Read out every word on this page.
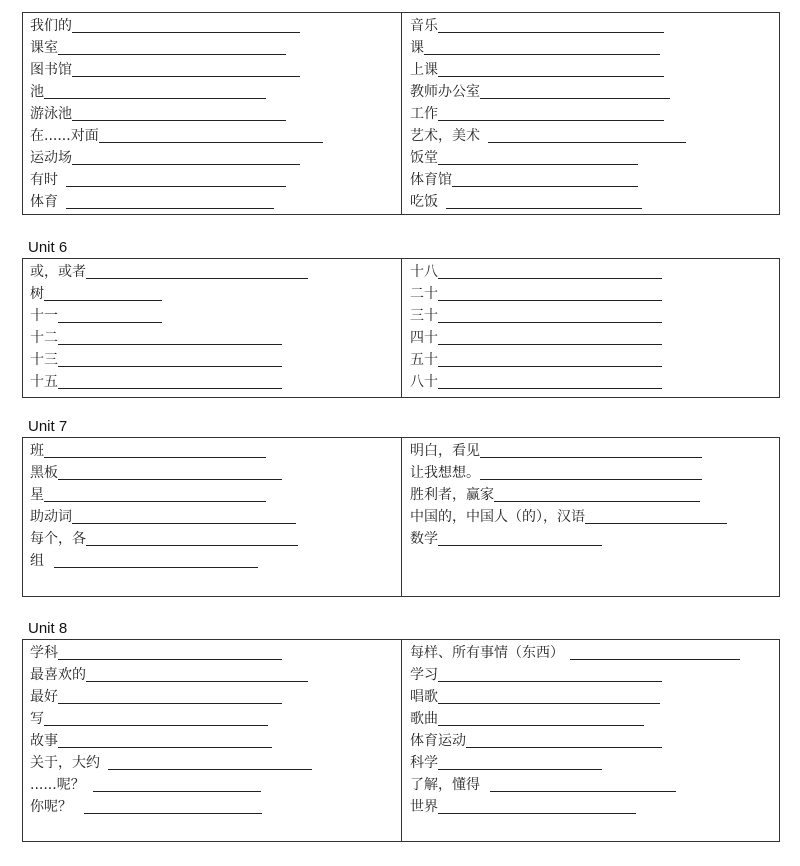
我们的
课室
图书馆
池
游泳池
在......对面
运动场
有时
体育
音乐
课
上课
教师办公室
工作
艺术，美术
饭堂
体育馆
吃饭
Unit 6
或，或者
树
十一
十二
十三
十五
十八
二十
三十
四十
五十
八十
Unit 7
班
黑板
星
助动词
每个，各
组
明白，看见
让我想想。
胜利者，赢家
中国的，中国人（的），汉语
数学
Unit 8
学科
最喜欢的
最好
写
故事
关于，大约
......呢？
你呢？
每样、所有事情（东西）
学习
唱歌
歌曲
体育运动
科学
了解，懂得
世界
